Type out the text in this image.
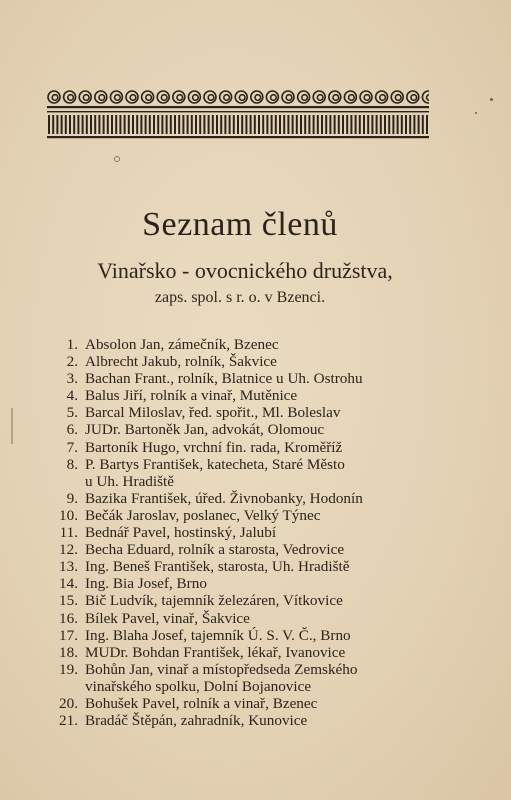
Seznam členů
Vinařsko - ovocnického družstva,
zaps. spol. s r. o. v Bzenci.
1. Absolon Jan, zámečník, Bzenec
2. Albrecht Jakub, rolník, Šakvice
3. Bachan Frant., rolník, Blatnice u Uh. Ostrohu
4. Balus Jiří, rolník a vinař, Mutěnice
5. Barcal Miloslav, řed. spořit., Ml. Boleslav
6. JUDr. Bartoněk Jan, advokát, Olomouc
7. Bartoník Hugo, vrchní fin. rada, Kroměříž
8. P. Bartys František, katecheta, Staré Město
u Uh. Hradiště
9. Bazika František, úřed. Živnobanky, Hodonín
10. Bečák Jaroslav, poslanec, Velký Týnec
11. Bednář Pavel, hostinský, Jalubí
12. Becha Eduard, rolník a starosta, Vedrovice
13. Ing. Beneš František, starosta, Uh. Hradiště
14. Ing. Bia Josef, Brno
15. Bič Ludvík, tajemník železáren, Vítkovice
16. Bílek Pavel, vinař, Šakvice
17. Ing. Blaha Josef, tajemník Ú. S. V. Č., Brno
18. MUDr. Bohdan František, lékař, Ivanovice
19. Bohůn Jan, vinař a místopředseda Zemského
vinařského spolku, Dolní Bojanovice
20. Bohušek Pavel, rolník a vinař, Bzenec
21. Bradáč Štěpán, zahradník, Kunovice
